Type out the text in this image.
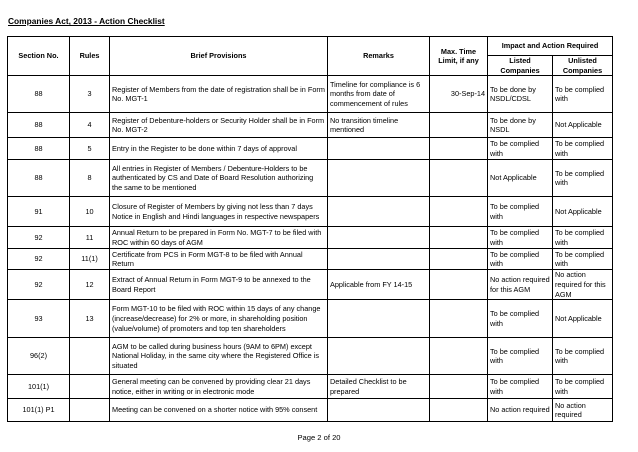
Companies Act, 2013 - Action Checklist
Section No.	Rules	Brief Provisions	Remarks	Max. Time Limit, if any	Impact and Action Required	
					Listed Companies	Unlisted Companies
88	3	Register of Members from the date of registration shall be in Form No. MGT-1	Timeline for compliance is 6 months from date of commencement of rules	30-Sep-14	To be done by NSDL/CDSL	To be complied with
88	4	Register of Debenture-holders or Security Holder shall be in Form No. MGT-2	No transition timeline mentioned		To be done by NSDL	Not Applicable
88	5	Entry in the Register to be done within 7 days of approval			To be complied with	To be complied with
88	8	All entries in Register of Members / Debenture-Holders to be authenticated by CS and Date of Board Resolution authorizing the same to be mentioned			Not Applicable	To be complied with
91	10	Closure of Register of Members by giving not less than 7 days Notice in English and Hindi languages in respective newspapers			To be complied with	Not Applicable
92	11	Annual Return to be prepared in Form No. MGT-7 to be filed with ROC within 60 days of AGM			To be complied with	To be complied with
92	11(1)	Certificate from PCS in Form MGT-8 to be filed with Annual Return			To be complied with	To be complied with
92	12	Extract of Annual Return in Form MGT-9 to be annexed to the Board Report	Applicable from FY 14-15		No action required for this AGM	No action required for this AGM
93	13	Form MGT-10 to be filed with ROC within 15 days of any change (increase/decrease) for 2% or more, in shareholding position (value/volume) of promoters and top ten shareholders			To be complied with	Not Applicable
96(2)		AGM to be called during business hours (9AM to 6PM) except National Holiday, in the same city where the Registered Office is situated			To be complied with	To be complied with
101(1)		General meeting can be convened by providing clear 21 days notice, either in writing or in electronic mode	Detailed Checklist to be prepared		To be complied with	To be complied with
101(1) P1		Meeting can be convened on a shorter notice with 95% consent			No action required	No action required
Page 2 of 20
